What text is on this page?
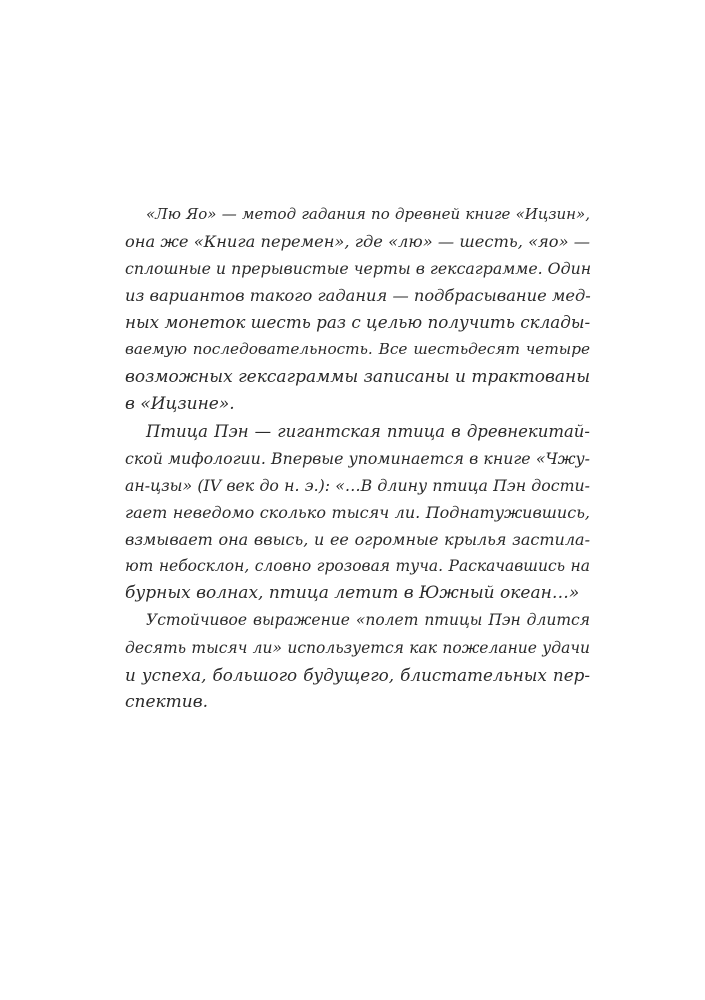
«Лю Яо» — метод гадания по древней книге «Ицзин»,
она же «Книга перемен», где «лю» — шесть, «яо» —
сплошные и прерывистые черты в гексаграмме. Один
из вариантов такого гадания — подбрасывание мед-
ных монеток шесть раз с целью получить склады-
ваемую последовательность. Все шестьдесят четыре
возможных гексаграммы записаны и трактованы
в «Ицзине».
Птица Пэн — гигантская птица в древнекитай-
ской мифологии. Впервые упоминается в книге «Чжу-
ан-цзы» (IV век до н. э.): «…В длину птица Пэн дости-
гает неведомо сколько тысяч ли. Поднатужившись,
взмывает она ввысь, и ее огромные крылья застила-
ют небосклон, словно грозовая туча. Раскачавшись на
бурных волнах, птица летит в Южный океан…»
Устойчивое выражение «полет птицы Пэн длится
десять тысяч ли» используется как пожелание удачи
и успеха, большого будущего, блистательных пер-
спектив.
